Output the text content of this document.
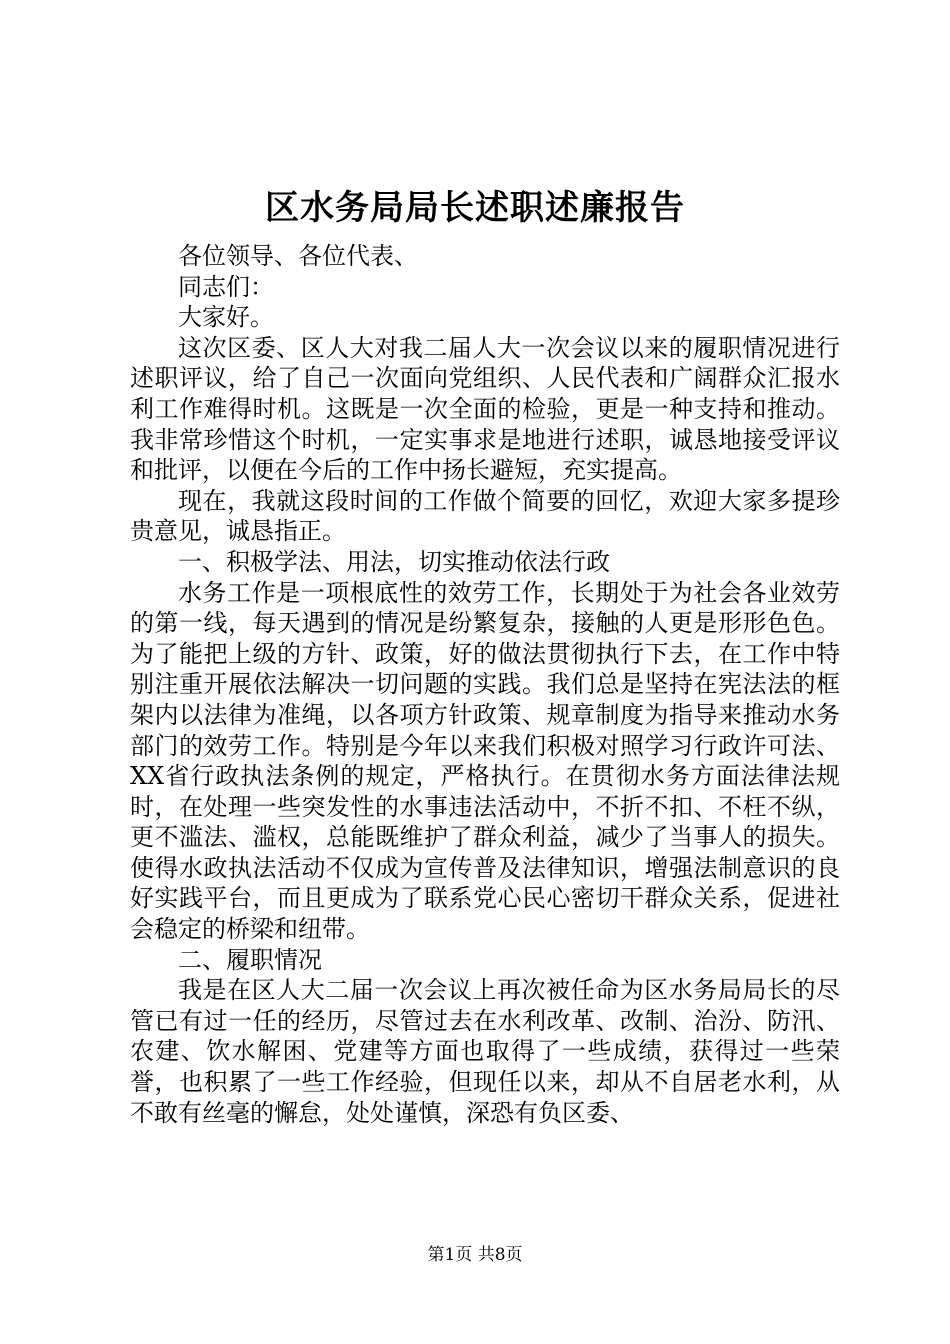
区水务局局长述职述廉报告

各位领导、各位代表、

同志们：

大家好。

这次区委、区人大对我二届人大一次会议以来的履职情况进行述职评议，给了自己一次面向党组织、人民代表和广阔群众汇报水利工作难得时机。这既是一次全面的检验，更是一种支持和推动。我非常珍惜这个时机，一定实事求是地进行述职，诚恳地接受评议和批评，以便在今后的工作中扬长避短，充实提高。

现在，我就这段时间的工作做个简要的回忆，欢迎大家多提珍贵意见，诚恳指正。

一、积极学法、用法，切实推动依法行政

水务工作是一项根底性的效劳工作，长期处于为社会各业效劳的第一线，每天遇到的情况是纷繁复杂，接触的人更是形形色色。为了能把上级的方针、政策，好的做法贯彻执行下去，在工作中特别注重开展依法解决一切问题的实践。我们总是坚持在宪法法的框架内以法律为准绳，以各项方针政策、规章制度为指导来推动水务部门的效劳工作。特别是今年以来我们积极对照学习行政许可法、XX省行政执法条例的规定，严格执行。在贯彻水务方面法律法规时，在处理一些突发性的水事违法活动中，不折不扣、不枉不纵，更不滥法、滥权，总能既维护了群众利益，减少了当事人的损失。使得水政执法活动不仅成为宣传普及法律知识，增强法制意识的良好实践平台，而且更成为了联系党心民心密切干群众关系，促进社会稳定的桥梁和纽带。

二、履职情况

我是在区人大二届一次会议上再次被任命为区水务局局长的尽管已有过一任的经历，尽管过去在水利改革、改制、治汾、防汛、农建、饮水解困、党建等方面也取得了一些成绩，获得过一些荣誉，也积累了一些工作经验，但现任以来，却从不自居老水利，从不敢有丝毫的懈怠，处处谨慎，深恐有负区委、

第1页 共8页
